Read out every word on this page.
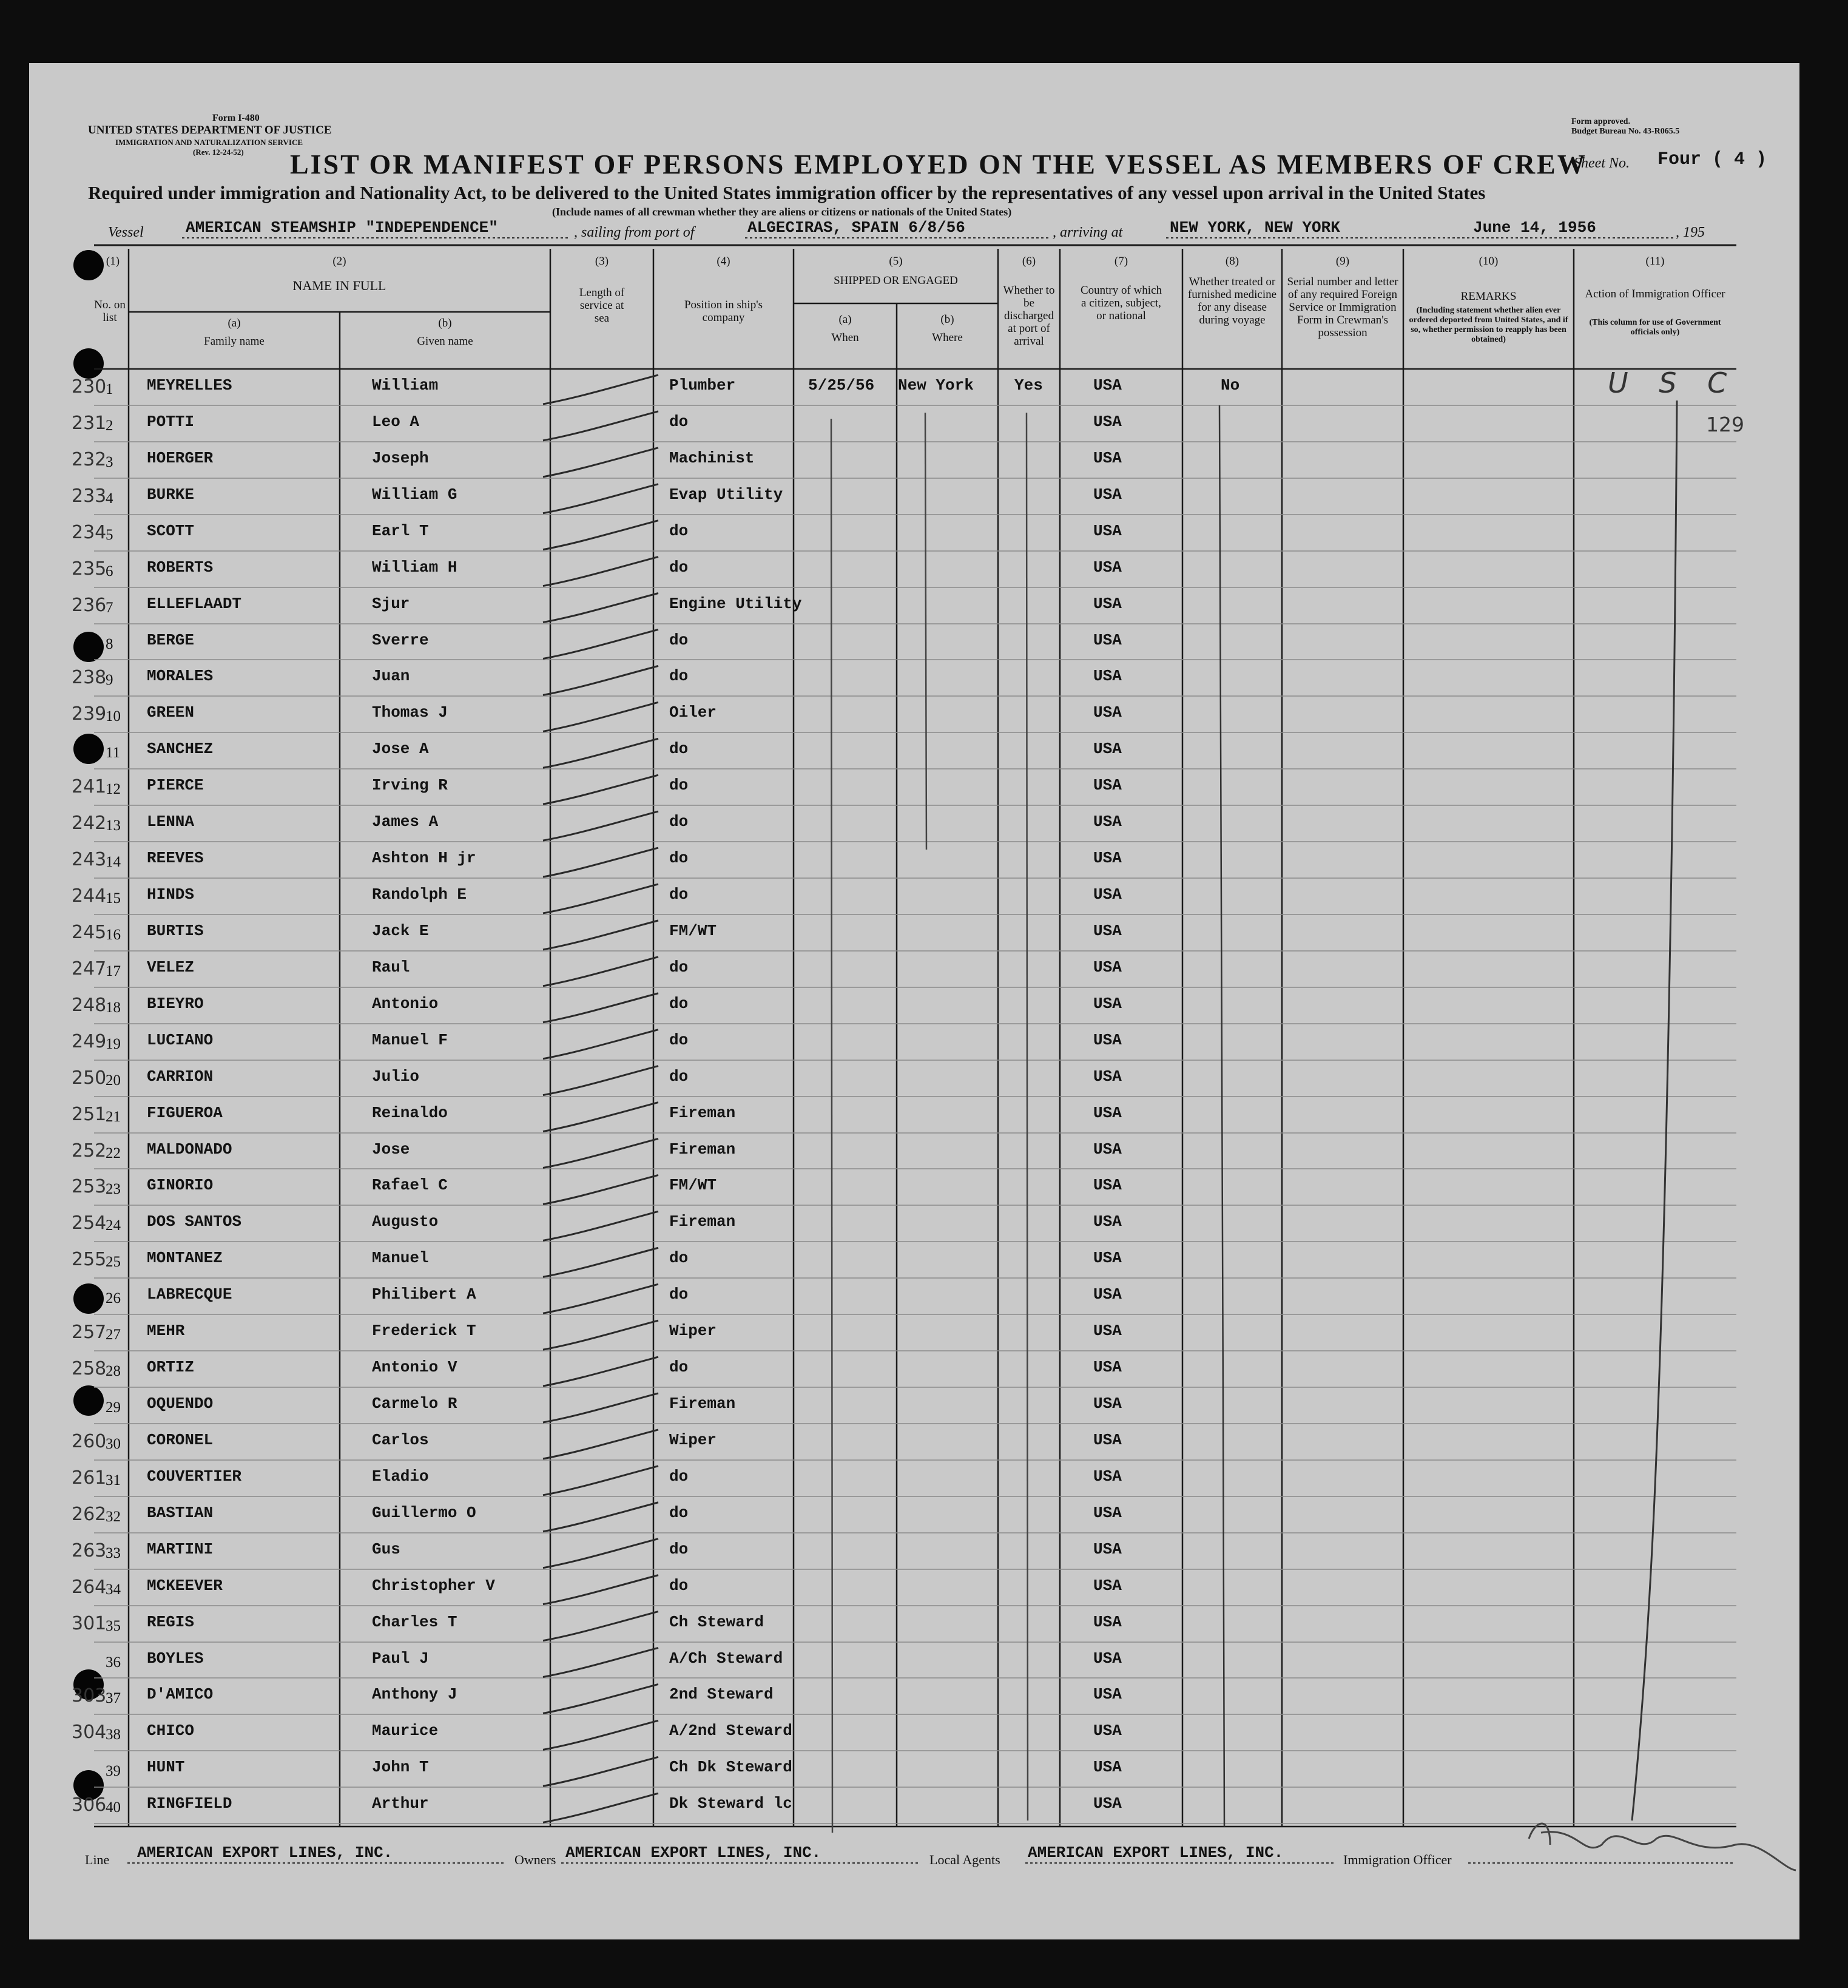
Form I-480
UNITED STATES DEPARTMENT OF JUSTICE
IMMIGRATION AND NATURALIZATION SERVICE
(Rev. 12-24-52)
Form approved.
Budget Bureau No. 43-R065.5
LIST OR MANIFEST OF PERSONS EMPLOYED ON THE VESSEL AS MEMBERS OF CREW
Sheet No. Four ( 4 )
Required under immigration and Nationality Act, to be delivered to the United States immigration officer by the representatives of any vessel upon arrival in the United States
(Include names of all crewman whether they are aliens or citizens or nationals of the United States)
Vessel	AMERICAN STEAMSHIP "INDEPENDENCE"	, sailing from port of	ALGECIRAS, SPAIN 6/8/56	, arriving at	NEW YORK, NEW YORK	June 14, 1956	, 195
(1)
No. on list
(2)
NAME IN FULL
(a)
Family name
(b)
Given name
(3)
Length of service at sea
(4)
Position in ship's company
(5)
SHIPPED OR ENGAGED
(a)
When
(b)
Where
(6)
Whether to be discharged at port of arrival
(7)
Country of which a citizen, subject, or national
(8)
Whether treated or furnished medicine for any disease during voyage
(9)
Serial number and letter of any required Foreign Service or Immigration Form in Crewman's possession
(10)
REMARKS
(Including statement whether alien ever ordered deported from United States, and if so, whether permission to reapply has been obtained)
(11)
Action of Immigration Officer
(This column for use of Government officials only)
230
1 MEYRELLES	William	Plumber	5/25/56 New York	Yes	USA	No
231
2 POTTI	Leo A	do	USA
232
3 HOERGER	Joseph	Machinist	USA
233
4 BURKE	William G	Evap Utility	USA
234
5 SCOTT	Earl T	do	USA
235
6 ROBERTS	William H	do	USA
236
7 ELLEFLAADT	Sjur	Engine Utility	USA
8 BERGE	Sverre	do	USA
238
9 MORALES	Juan	do	USA
239
10 GREEN	Thomas J	Oiler	USA
11 SANCHEZ	Jose A	do	USA
241
12 PIERCE	Irving R	do	USA
242
13 LENNA	James A	do	USA
243
14 REEVES	Ashton H jr	do	USA
244
15 HINDS	Randolph E	do	USA
245
16 BURTIS	Jack E	FM/WT	USA
247
17 VELEZ	Raul	do	USA
248
18 BIEYRO	Antonio	do	USA
249
19 LUCIANO	Manuel F	do	USA
250
20 CARRION	Julio	do	USA
251
21 FIGUEROA	Reinaldo	Fireman	USA
252
22 MALDONADO	Jose	Fireman	USA
253
23 GINORIO	Rafael C	FM/WT	USA
254
24 DOS SANTOS	Augusto	Fireman	USA
255
25 MONTANEZ	Manuel	do	USA
26 LABRECQUE	Philibert A	do	USA
257
27 MEHR	Frederick T	Wiper	USA
258
28 ORTIZ	Antonio V	do	USA
29 OQUENDO	Carmelo R	Fireman	USA
260
30 CORONEL	Carlos	Wiper	USA
261
31 COUVERTIER	Eladio	do	USA
262
32 BASTIAN	Guillermo O	do	USA
263
33 MARTINI	Gus	do	USA
264
34 MCKEEVER	Christopher V	do	USA
301
35 REGIS	Charles T	Ch Steward	USA
36 BOYLES	Paul J	A/Ch Steward	USA
303
37 D'AMICO	Anthony J	2nd Steward	USA
304
38 CHICO	Maurice	A/2nd Steward	USA
39 HUNT	John T	Ch Dk Steward	USA
306
40 RINGFIELD	Arthur	Dk Steward lc	USA
U S C
129
Line AMERICAN EXPORT LINES, INC.	Owners AMERICAN EXPORT LINES, INC.	Local Agents AMERICAN EXPORT LINES, INC.	Immigration Officer
